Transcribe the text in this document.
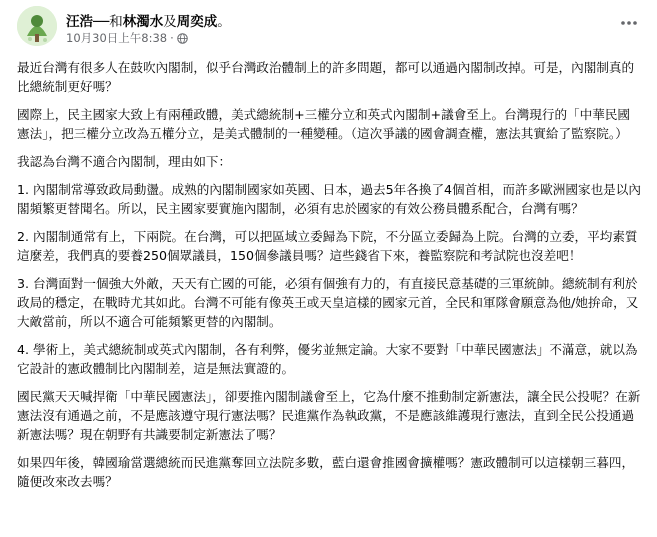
汪浩──和林濁水及周奕成。
10月30日上午8:38 ·

最近台灣有很多人在鼓吹內閣制，似乎台灣政治體制上的許多問題，都可以通過內閣制改掉。可是，內閣制真的比總統制更好嗎？

國際上，民主國家大致上有兩種政體，美式總統制+三權分立和英式內閣制+議會至上。台灣現行的「中華民國憲法」，把三權分立改為五權分立，是美式體制的一種變種。（這次爭議的國會調查權，憲法其實給了監察院。）

我認為台灣不適合內閣制，理由如下：

1. 內閣制常導致政局動盪。成熟的內閣制國家如英國、日本，過去5年各換了4個首相，而許多歐洲國家也是以內閣頻繁更替聞名。所以，民主國家要實施內閣制，必須有忠於國家的有效公務員體系配合，台灣有嗎？

2. 內閣制通常有上，下兩院。在台灣，可以把區域立委歸為下院，不分區立委歸為上院。台灣的立委，平均素質這麼差，我們真的要養250個眾議員，150個參議員嗎？這些錢省下來，養監察院和考試院也沒差吧！

3. 台灣面對一個強大外敵，天天有亡國的可能，必須有個強有力的，有直接民意基礎的三軍統帥。總統制有利於政局的穩定，在戰時尤其如此。台灣不可能有像英王或天皇這樣的國家元首，全民和軍隊會願意為他/她拚命，又大敵當前，所以不適合可能頻繁更替的內閣制。

4. 學術上，美式總統制或英式內閣制，各有利弊，優劣並無定論。大家不要對「中華民國憲法」不滿意，就以為它設計的憲政體制比內閣制差，這是無法實證的。

國民黨天天喊捍衛「中華民國憲法」，卻要推內閣制議會至上，它為什麼不推動制定新憲法，讓全民公投呢？在新憲法沒有通過之前，不是應該遵守現行憲法嗎？民進黨作為執政黨，不是應該維護現行憲法，直到全民公投通過新憲法嗎？現在朝野有共識要制定新憲法了嗎？

如果四年後，韓國瑜當選總統而民進黨奪回立法院多數，藍白還會推國會擴權嗎？憲政體制可以這樣朝三暮四，隨便改來改去嗎？
